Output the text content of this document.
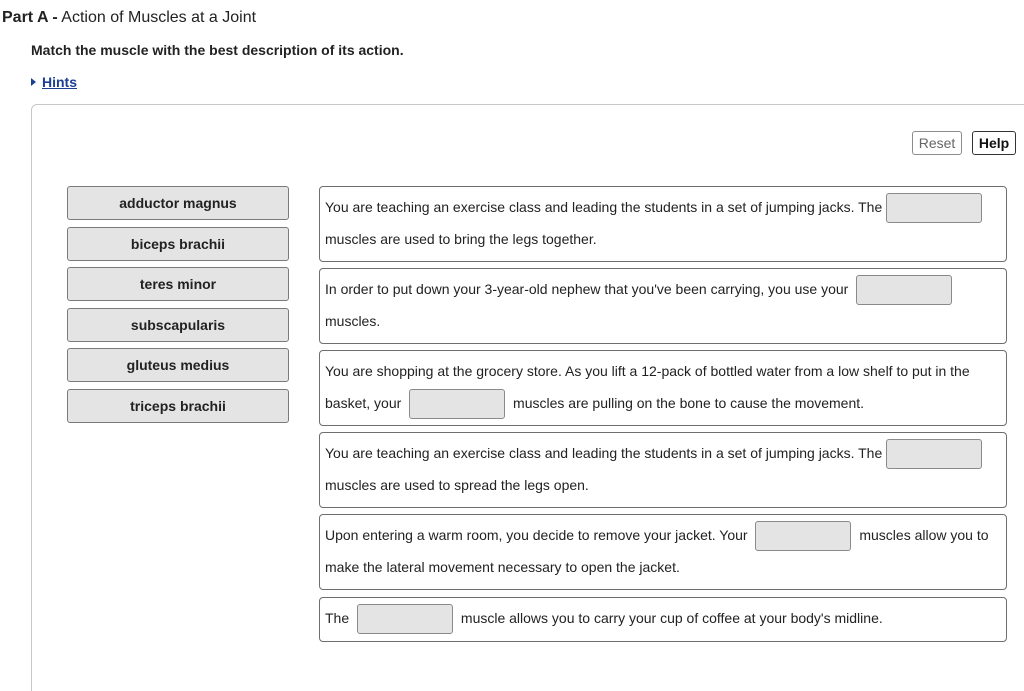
Part A - Action of Muscles at a Joint
Match the muscle with the best description of its action.
Hints
Reset	Help
adductor magnus
biceps brachii
teres minor
subscapularis
gluteus medius
triceps brachii
You are teaching an exercise class and leading the students in a set of jumping jacks. The  muscles are used to bring the legs together.
In order to put down your 3-year-old nephew that you've been carrying, you use your  muscles.
You are shopping at the grocery store. As you lift a 12-pack of bottled water from a low shelf to put in the basket, your	muscles are pulling on the bone to cause the movement.
You are teaching an exercise class and leading the students in a set of jumping jacks. The  muscles are used to spread the legs open.
Upon entering a warm room, you decide to remove your jacket. Your	muscles allow you to make the lateral movement necessary to open the jacket.
The	muscle allows you to carry your cup of coffee at your body's midline.
